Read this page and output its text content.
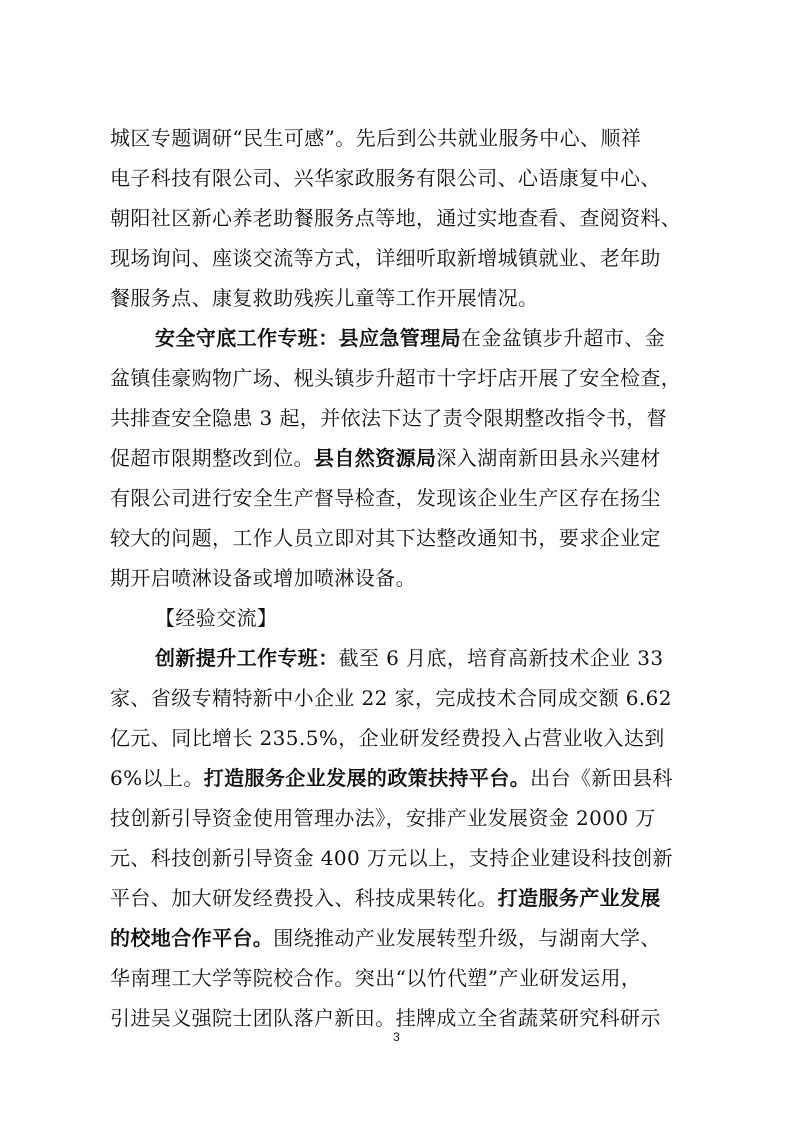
城区专题调研“民生可感”。先后到公共就业服务中心、顺祥
电子科技有限公司、兴华家政服务有限公司、心语康复中心、
朝阳社区新心养老助餐服务点等地，通过实地查看、查阅资料、
现场询问、座谈交流等方式，详细听取新增城镇就业、老年助
餐服务点、康复救助残疾儿童等工作开展情况。
安全守底工作专班：县应急管理局在金盆镇步升超市、金
盆镇佳豪购物广场、枧头镇步升超市十字圩店开展了安全检查，
共排查安全隐患 3 起，并依法下达了责令限期整改指令书，督
促超市限期整改到位。县自然资源局深入湖南新田县永兴建材
有限公司进行安全生产督导检查，发现该企业生产区存在扬尘
较大的问题，工作人员立即对其下达整改通知书，要求企业定
期开启喷淋设备或增加喷淋设备。
【经验交流】
创新提升工作专班：截至 6 月底，培育高新技术企业 33
家、省级专精特新中小企业 22 家，完成技术合同成交额 6.62
亿元、同比增长 235.5%，企业研发经费投入占营业收入达到
6%以上。打造服务企业发展的政策扶持平台。出台《新田县科
技创新引导资金使用管理办法》，安排产业发展资金 2000 万
元、科技创新引导资金 400 万元以上，支持企业建设科技创新
平台、加大研发经费投入、科技成果转化。打造服务产业发展
的校地合作平台。围绕推动产业发展转型升级，与湖南大学、
华南理工大学等院校合作。突出“以竹代塑”产业研发运用，
引进吴义强院士团队落户新田。挂牌成立全省蔬菜研究科研示
3
